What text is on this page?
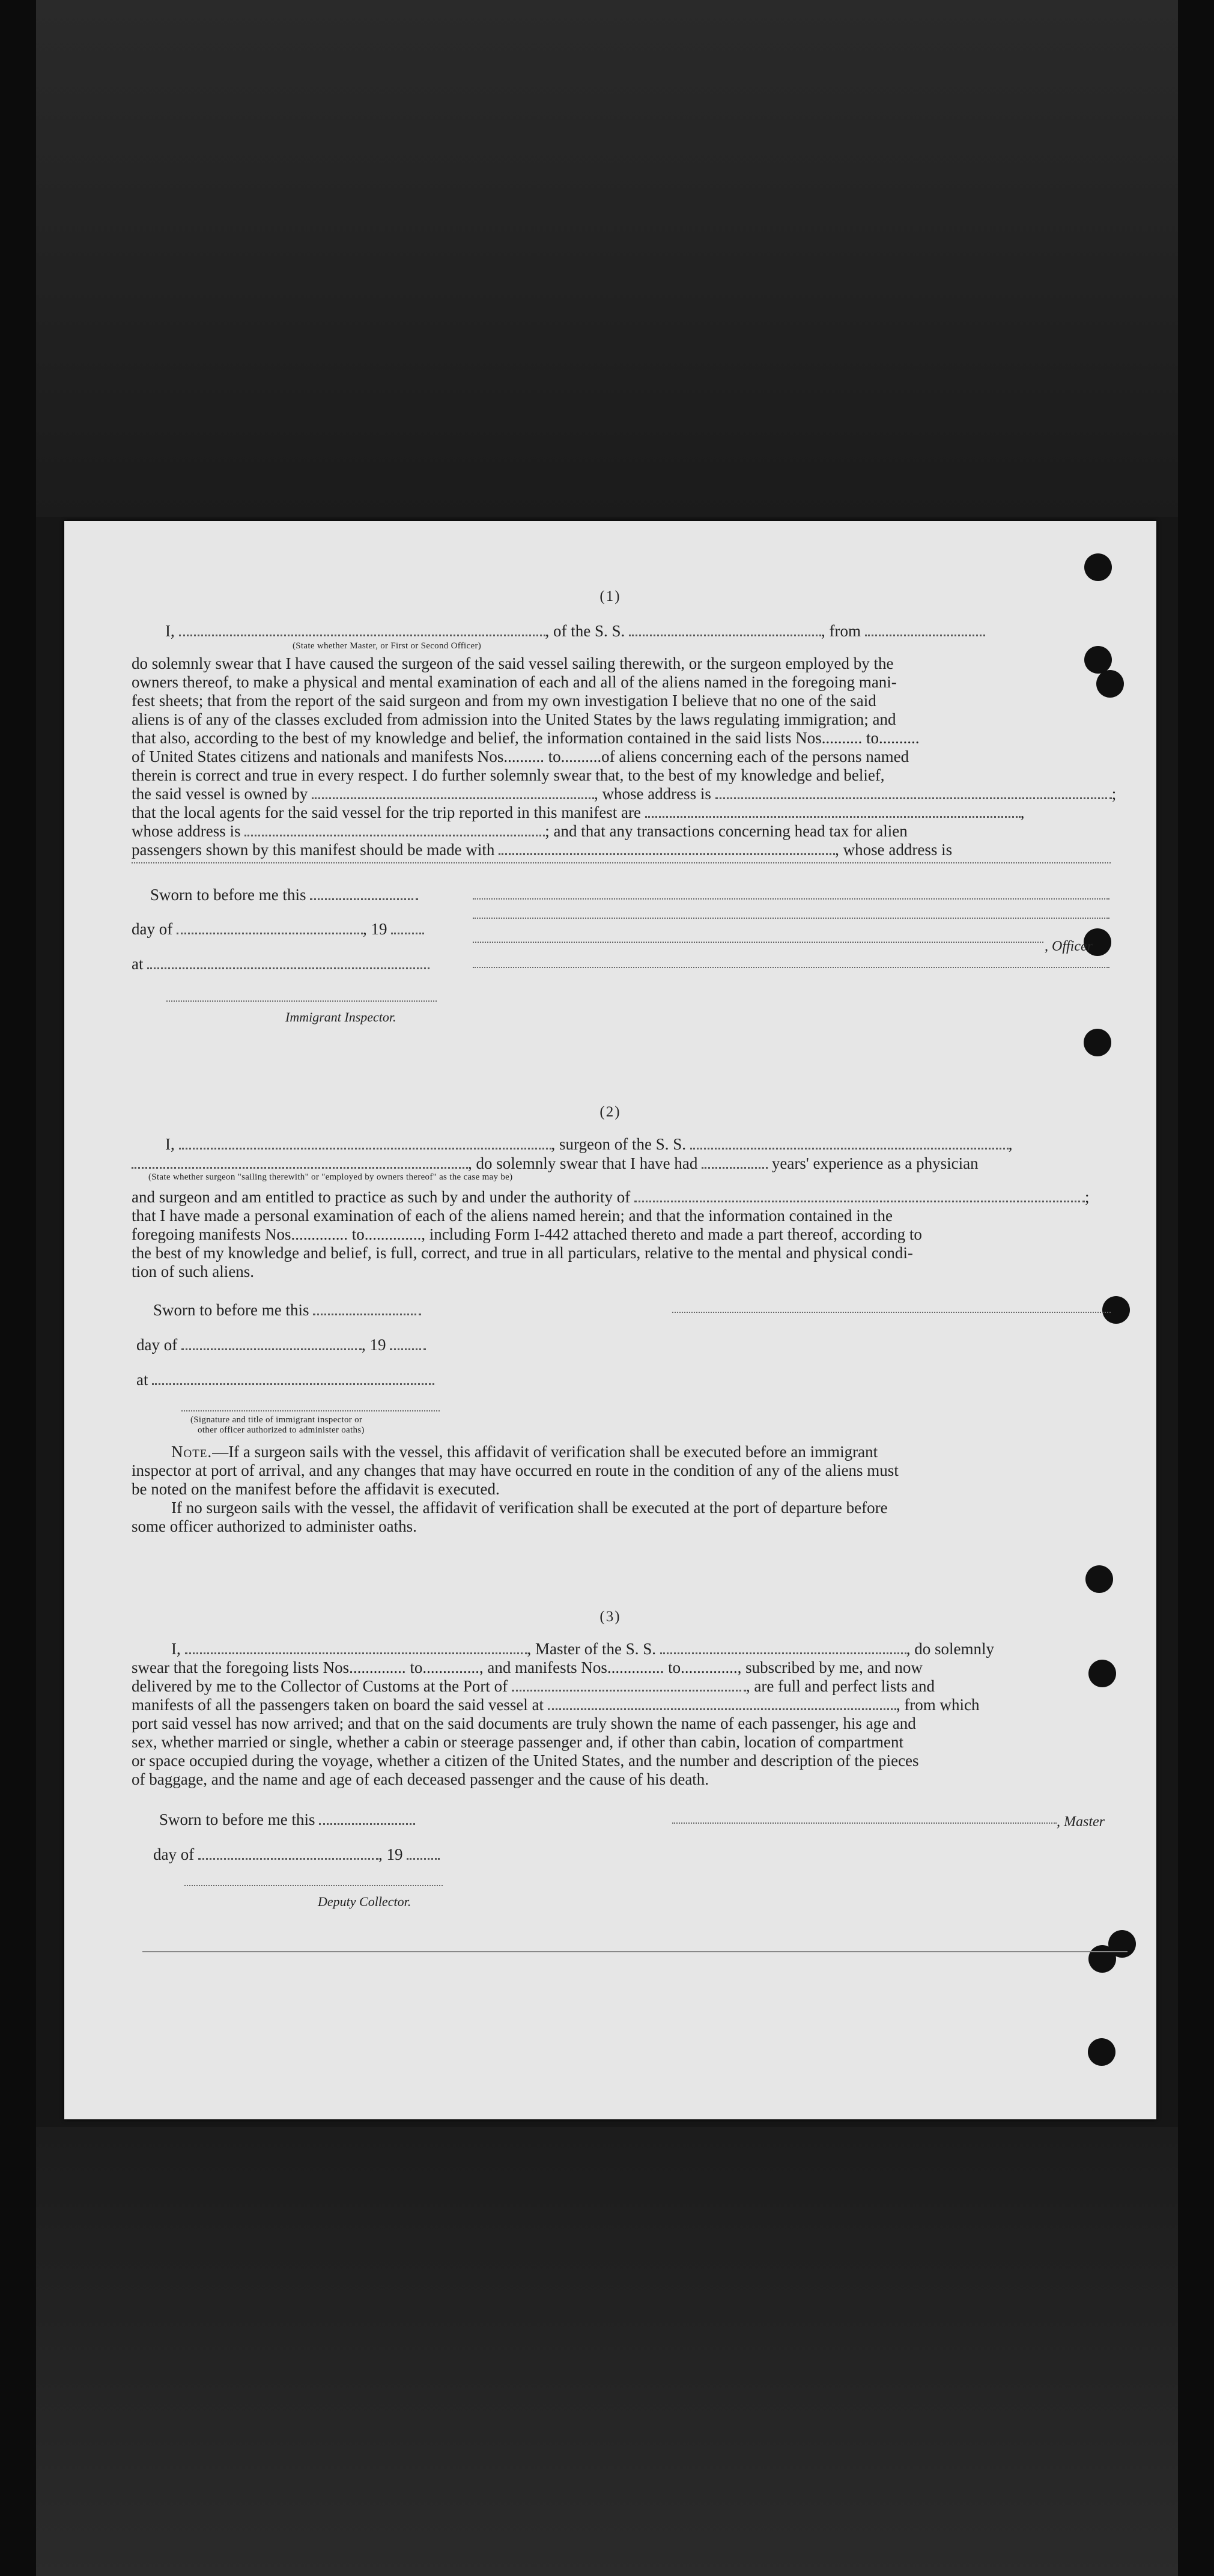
(1)
I,	, of the S. S.	, from
(State whether Master, or First or Second Officer)
do solemnly swear that I have caused the surgeon of the said vessel sailing therewith, or the surgeon employed by the
owners thereof, to make a physical and mental examination of each and all of the aliens named in the foregoing mani-
fest sheets; that from the report of the said surgeon and from my own investigation I believe that no one of the said
aliens is of any of the classes excluded from admission into the United States by the laws regulating immigration; and
that also, according to the best of my knowledge and belief, the information contained in the said lists Nos.......... to..........
of United States citizens and nationals and manifests Nos.......... to..........of aliens concerning each of the persons named
therein is correct and true in every respect. I do further solemnly swear that, to the best of my knowledge and belief,
the said vessel is owned by	, whose address is	;
that the local agents for the said vessel for the trip reported in this manifest are	,
whose address is	; and that any transactions concerning head tax for alien
passengers shown by this manifest should be made with	, whose address is
Sworn to before me this
day of	, 19
, Officer
at
Immigrant Inspector.
(2)
I,	, surgeon of the S. S.	,
, do solemnly swear that I have had	years' experience as a physician
(State whether surgeon "sailing therewith" or "employed by owners thereof" as the case may be)
and surgeon and am entitled to practice as such by and under the authority of	;
that I have made a personal examination of each of the aliens named herein; and that the information contained in the
foregoing manifests Nos.............. to.............., including Form I-442 attached thereto and made a part thereof, according to
the best of my knowledge and belief, is full, correct, and true in all particulars, relative to the mental and physical condi-
tion of such aliens.
Sworn to before me this
day of	, 19
at
(Signature and title of immigrant inspector or
other officer authorized to administer oaths)
Note.—If a surgeon sails with the vessel, this affidavit of verification shall be executed before an immigrant
inspector at port of arrival, and any changes that may have occurred en route in the condition of any of the aliens must
be noted on the manifest before the affidavit is executed.
If no surgeon sails with the vessel, the affidavit of verification shall be executed at the port of departure before
some officer authorized to administer oaths.
(3)
I,	, Master of the S. S.	, do solemnly
swear that the foregoing lists Nos.............. to.............., and manifests Nos.............. to.............., subscribed by me, and now
delivered by me to the Collector of Customs at the Port of	, are full and perfect lists and
manifests of all the passengers taken on board the said vessel at	, from which
port said vessel has now arrived; and that on the said documents are truly shown the name of each passenger, his age and
sex, whether married or single, whether a cabin or steerage passenger and, if other than cabin, location of compartment
or space occupied during the voyage, whether a citizen of the United States, and the number and description of the pieces
of baggage, and the name and age of each deceased passenger and the cause of his death.
Sworn to before me this	, Master
day of	, 19
Deputy Collector.
